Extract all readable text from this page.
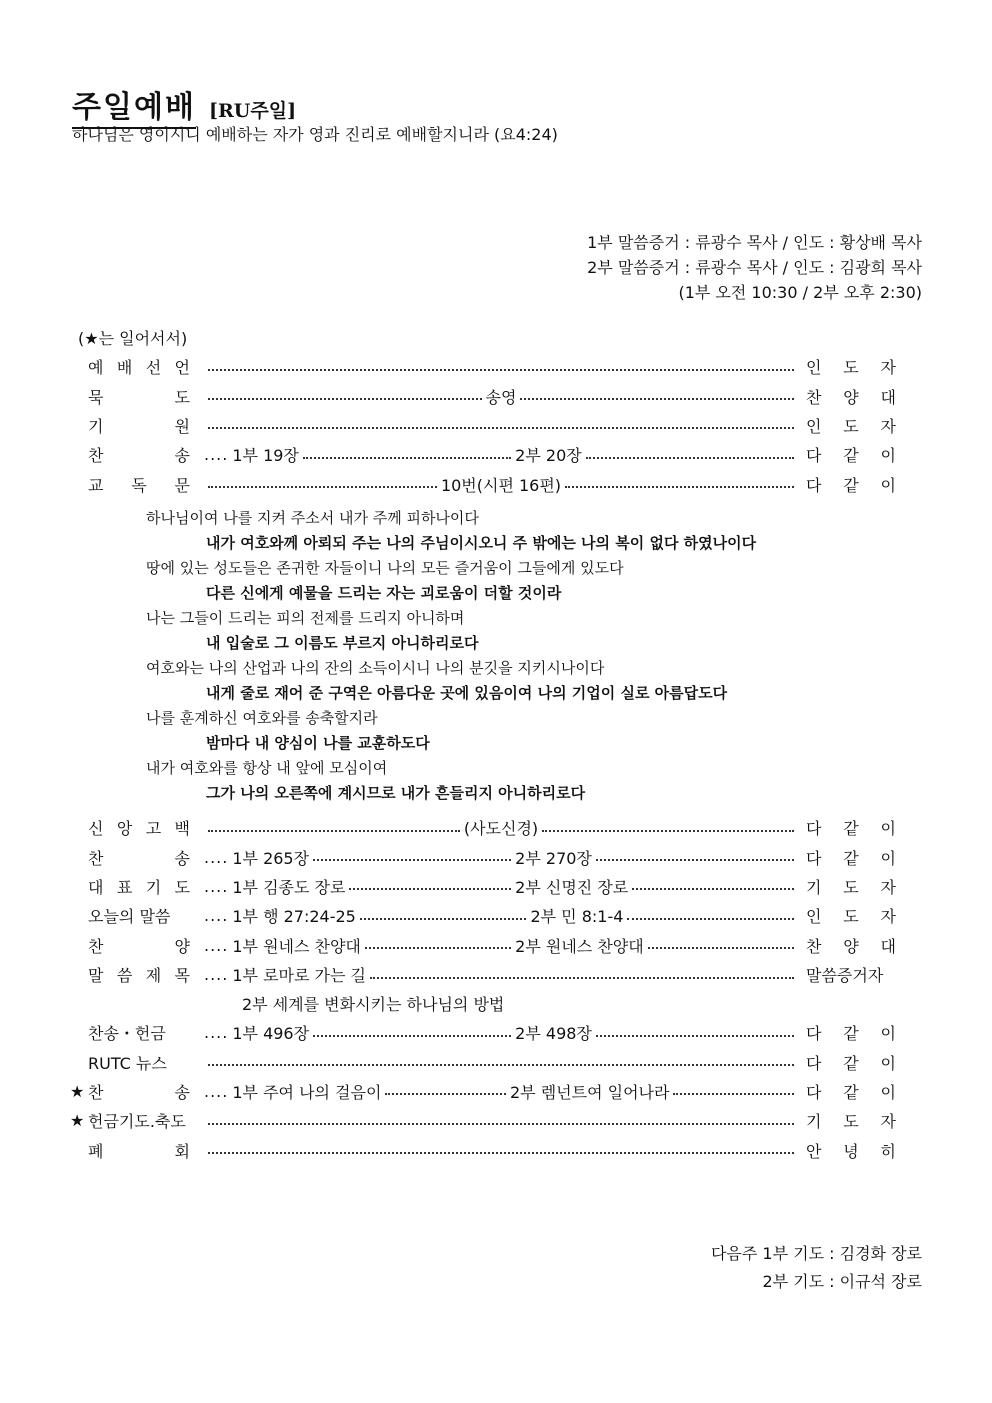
주일예배 [RU주일]
하나님은 영이시니 예배하는 자가 영과 진리로 예배할지니라 (요4:24)
1부 말씀증거 : 류광수 목사 / 인도 : 황상배 목사
2부 말씀증거 : 류광수 목사 / 인도 : 김광희 목사
(1부 오전 10:30 / 2부 오후 2:30)
(★는 일어서서)
예 배 선 언	인 도 자
묵	도	송영	찬 양 대
기	원	인 도 자
찬	송 .... 1부 19장	2부 20장	다 같 이
교 독 문	10번(시편 16편)	다 같 이
하나님이여 나를 지켜 주소서 내가 주께 피하나이다
내가 여호와께 아뢰되 주는 나의 주님이시오니 주 밖에는 나의 복이 없다 하였나이다
땅에 있는 성도들은 존귀한 자들이니 나의 모든 즐거움이 그들에게 있도다
다른 신에게 예물을 드리는 자는 괴로움이 더할 것이라
나는 그들이 드리는 피의 전제를 드리지 아니하며
내 입술로 그 이름도 부르지 아니하리로다
여호와는 나의 산업과 나의 잔의 소득이시니 나의 분깃을 지키시나이다
내게 줄로 재어 준 구역은 아름다운 곳에 있음이여 나의 기업이 실로 아름답도다
나를 훈계하신 여호와를 송축할지라
밤마다 내 양심이 나를 교훈하도다
내가 여호와를 항상 내 앞에 모심이여
그가 나의 오른쪽에 계시므로 내가 흔들리지 아니하리로다
신 앙 고 백	(사도신경)	다 같 이
찬	송 .... 1부 265장	2부 270장	다 같 이
대 표 기 도 .... 1부 김종도 장로	2부 신명진 장로	기 도 자
오늘의 말씀	.... 1부 행 27:24-25	2부 민 8:1-4	인 도 자
찬	양 .... 1부 원네스 찬양대	2부 원네스 찬양대	찬 양 대
말 씀 제 목 .... 1부 로마로 가는 길	말씀증거자
2부 세계를 변화시키는 하나님의 방법
찬송・헌금	.... 1부 496장	2부 498장	다 같 이
RUTC 뉴스	다 같 이
★ 찬	송 .... 1부 주여 나의 걸음이	2부 렘넌트여 일어나라	다 같 이
★ 헌금기도.축도	기 도 자
폐	회	안 녕 히
다음주 1부 기도 : 김경화 장로
2부 기도 : 이규석 장로
